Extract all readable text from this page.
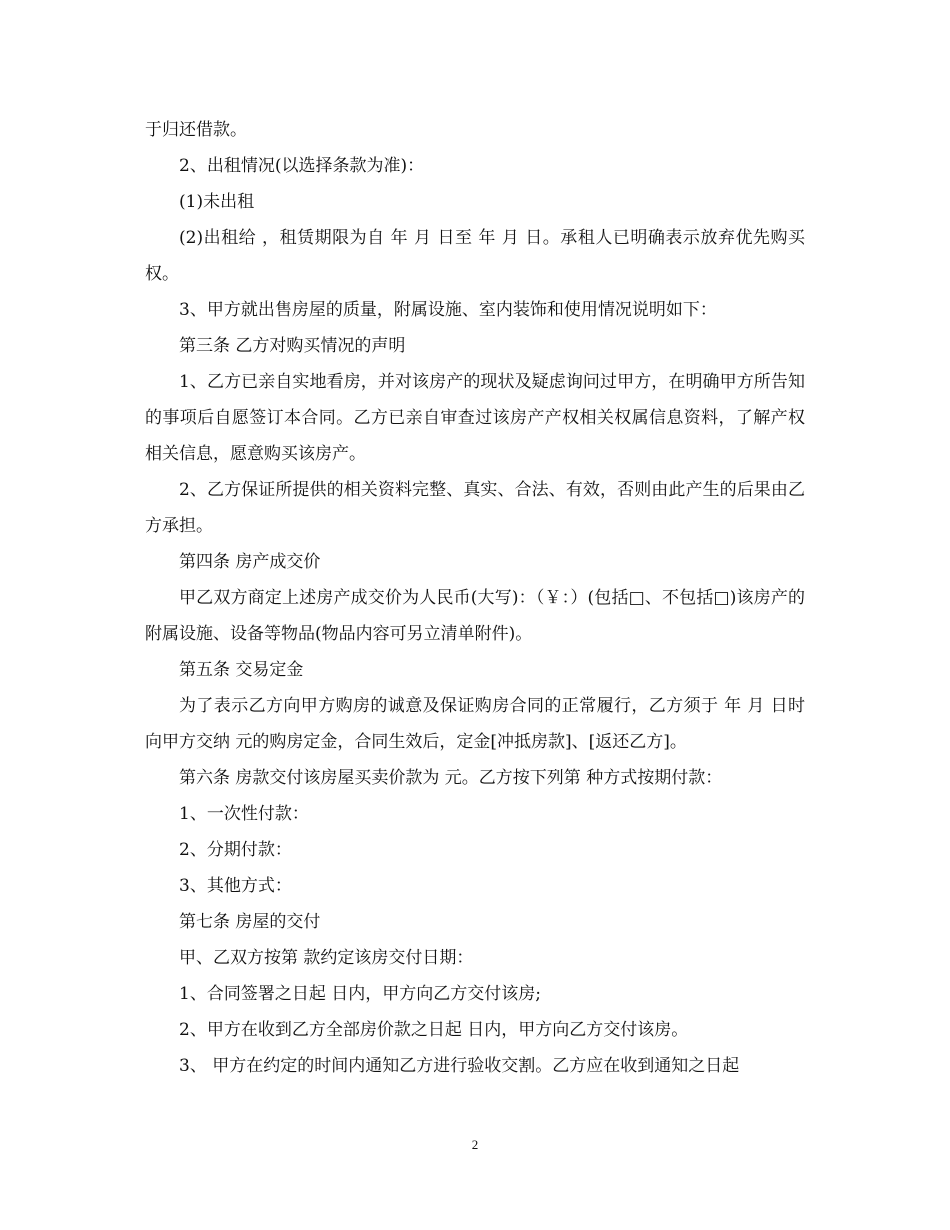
于归还借款。

2、出租情况(以选择条款为准)：

(1)未出租

(2)出租给 ，租赁期限为自 年 月 日至 年 月 日。承租人已明确表示放弃优先购买权。

3、甲方就出售房屋的质量，附属设施、室内装饰和使用情况说明如下：

第三条 乙方对购买情况的声明

1、乙方已亲自实地看房，并对该房产的现状及疑虑询问过甲方，在明确甲方所告知的事项后自愿签订本合同。乙方已亲自审查过该房产产权相关权属信息资料，了解产权相关信息，愿意购买该房产。

2、乙方保证所提供的相关资料完整、真实、合法、有效，否则由此产生的后果由乙方承担。

第四条 房产成交价

甲乙双方商定上述房产成交价为人民币(大写)：（￥：）(包括□、不包括□)该房产的附属设施、设备等物品(物品内容可另立清单附件)。

第五条 交易定金

为了表示乙方向甲方购房的诚意及保证购房合同的正常履行，乙方须于 年 月 日时向甲方交纳 元的购房定金，合同生效后，定金[冲抵房款]、[返还乙方]。

第六条 房款交付该房屋买卖价款为 元。乙方按下列第 种方式按期付款：

1、一次性付款：

2、分期付款：

3、其他方式：

第七条 房屋的交付

甲、乙双方按第 款约定该房交付日期：

1、合同签署之日起 日内，甲方向乙方交付该房;

2、甲方在收到乙方全部房价款之日起 日内，甲方向乙方交付该房。

3、 甲方在约定的时间内通知乙方进行验收交割。乙方应在收到通知之日起

2
